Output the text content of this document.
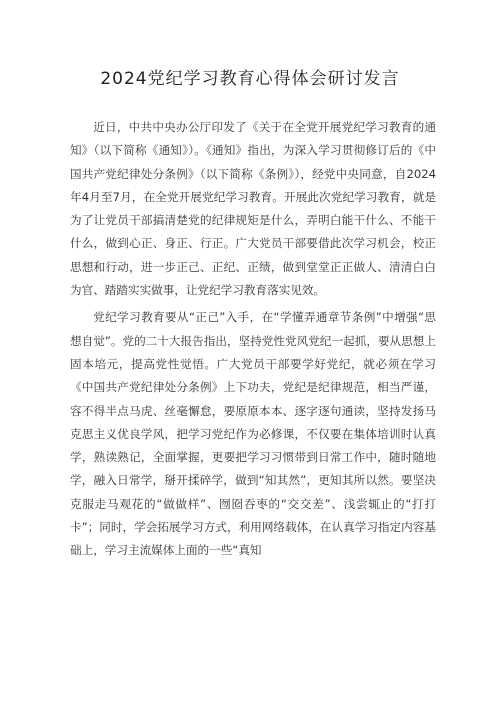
2024党纪学习教育心得体会研讨发言

近日，中共中央办公厅印发了《关于在全党开展党纪学习教育的通知》（以下简称《通知》）。《通知》指出，为深入学习贯彻修订后的《中国共产党纪律处分条例》（以下简称《条例》），经党中央同意，自2024年4月至7月，在全党开展党纪学习教育。开展此次党纪学习教育，就是为了让党员干部搞清楚党的纪律规矩是什么，弄明白能干什么、不能干什么，做到心正、身正、行正。广大党员干部要借此次学习机会，校正思想和行动，进一步正己、正纪、正绩，做到堂堂正正做人、清清白白为官、踏踏实实做事，让党纪学习教育落实见效。

党纪学习教育要从“正己”入手，在“学懂弄通章节条例”中增强“思想自觉”。党的二十大报告指出，坚持党性党风党纪一起抓，要从思想上固本培元，提高党性觉悟。广大党员干部要学好党纪，就必须在学习《中国共产党纪律处分条例》上下功夫，党纪是纪律规范，相当严谨，容不得半点马虎、丝毫懈怠，要原原本本、逐字逐句通读，坚持发扬马克思主义优良学风，把学习党纪作为必修课，不仅要在集体培训时认真学，熟读熟记，全面掌握，更要把学习习惯带到日常工作中，随时随地学，融入日常学，掰开揉碎学，做到“知其然”，更知其所以然。要坚决克服走马观花的“做做样”、囫囵吞枣的“交交差”、浅尝辄止的“打打卡”；同时，学会拓展学习方式，利用网络载体，在认真学习指定内容基础上，学习主流媒体上面的一些“真知
